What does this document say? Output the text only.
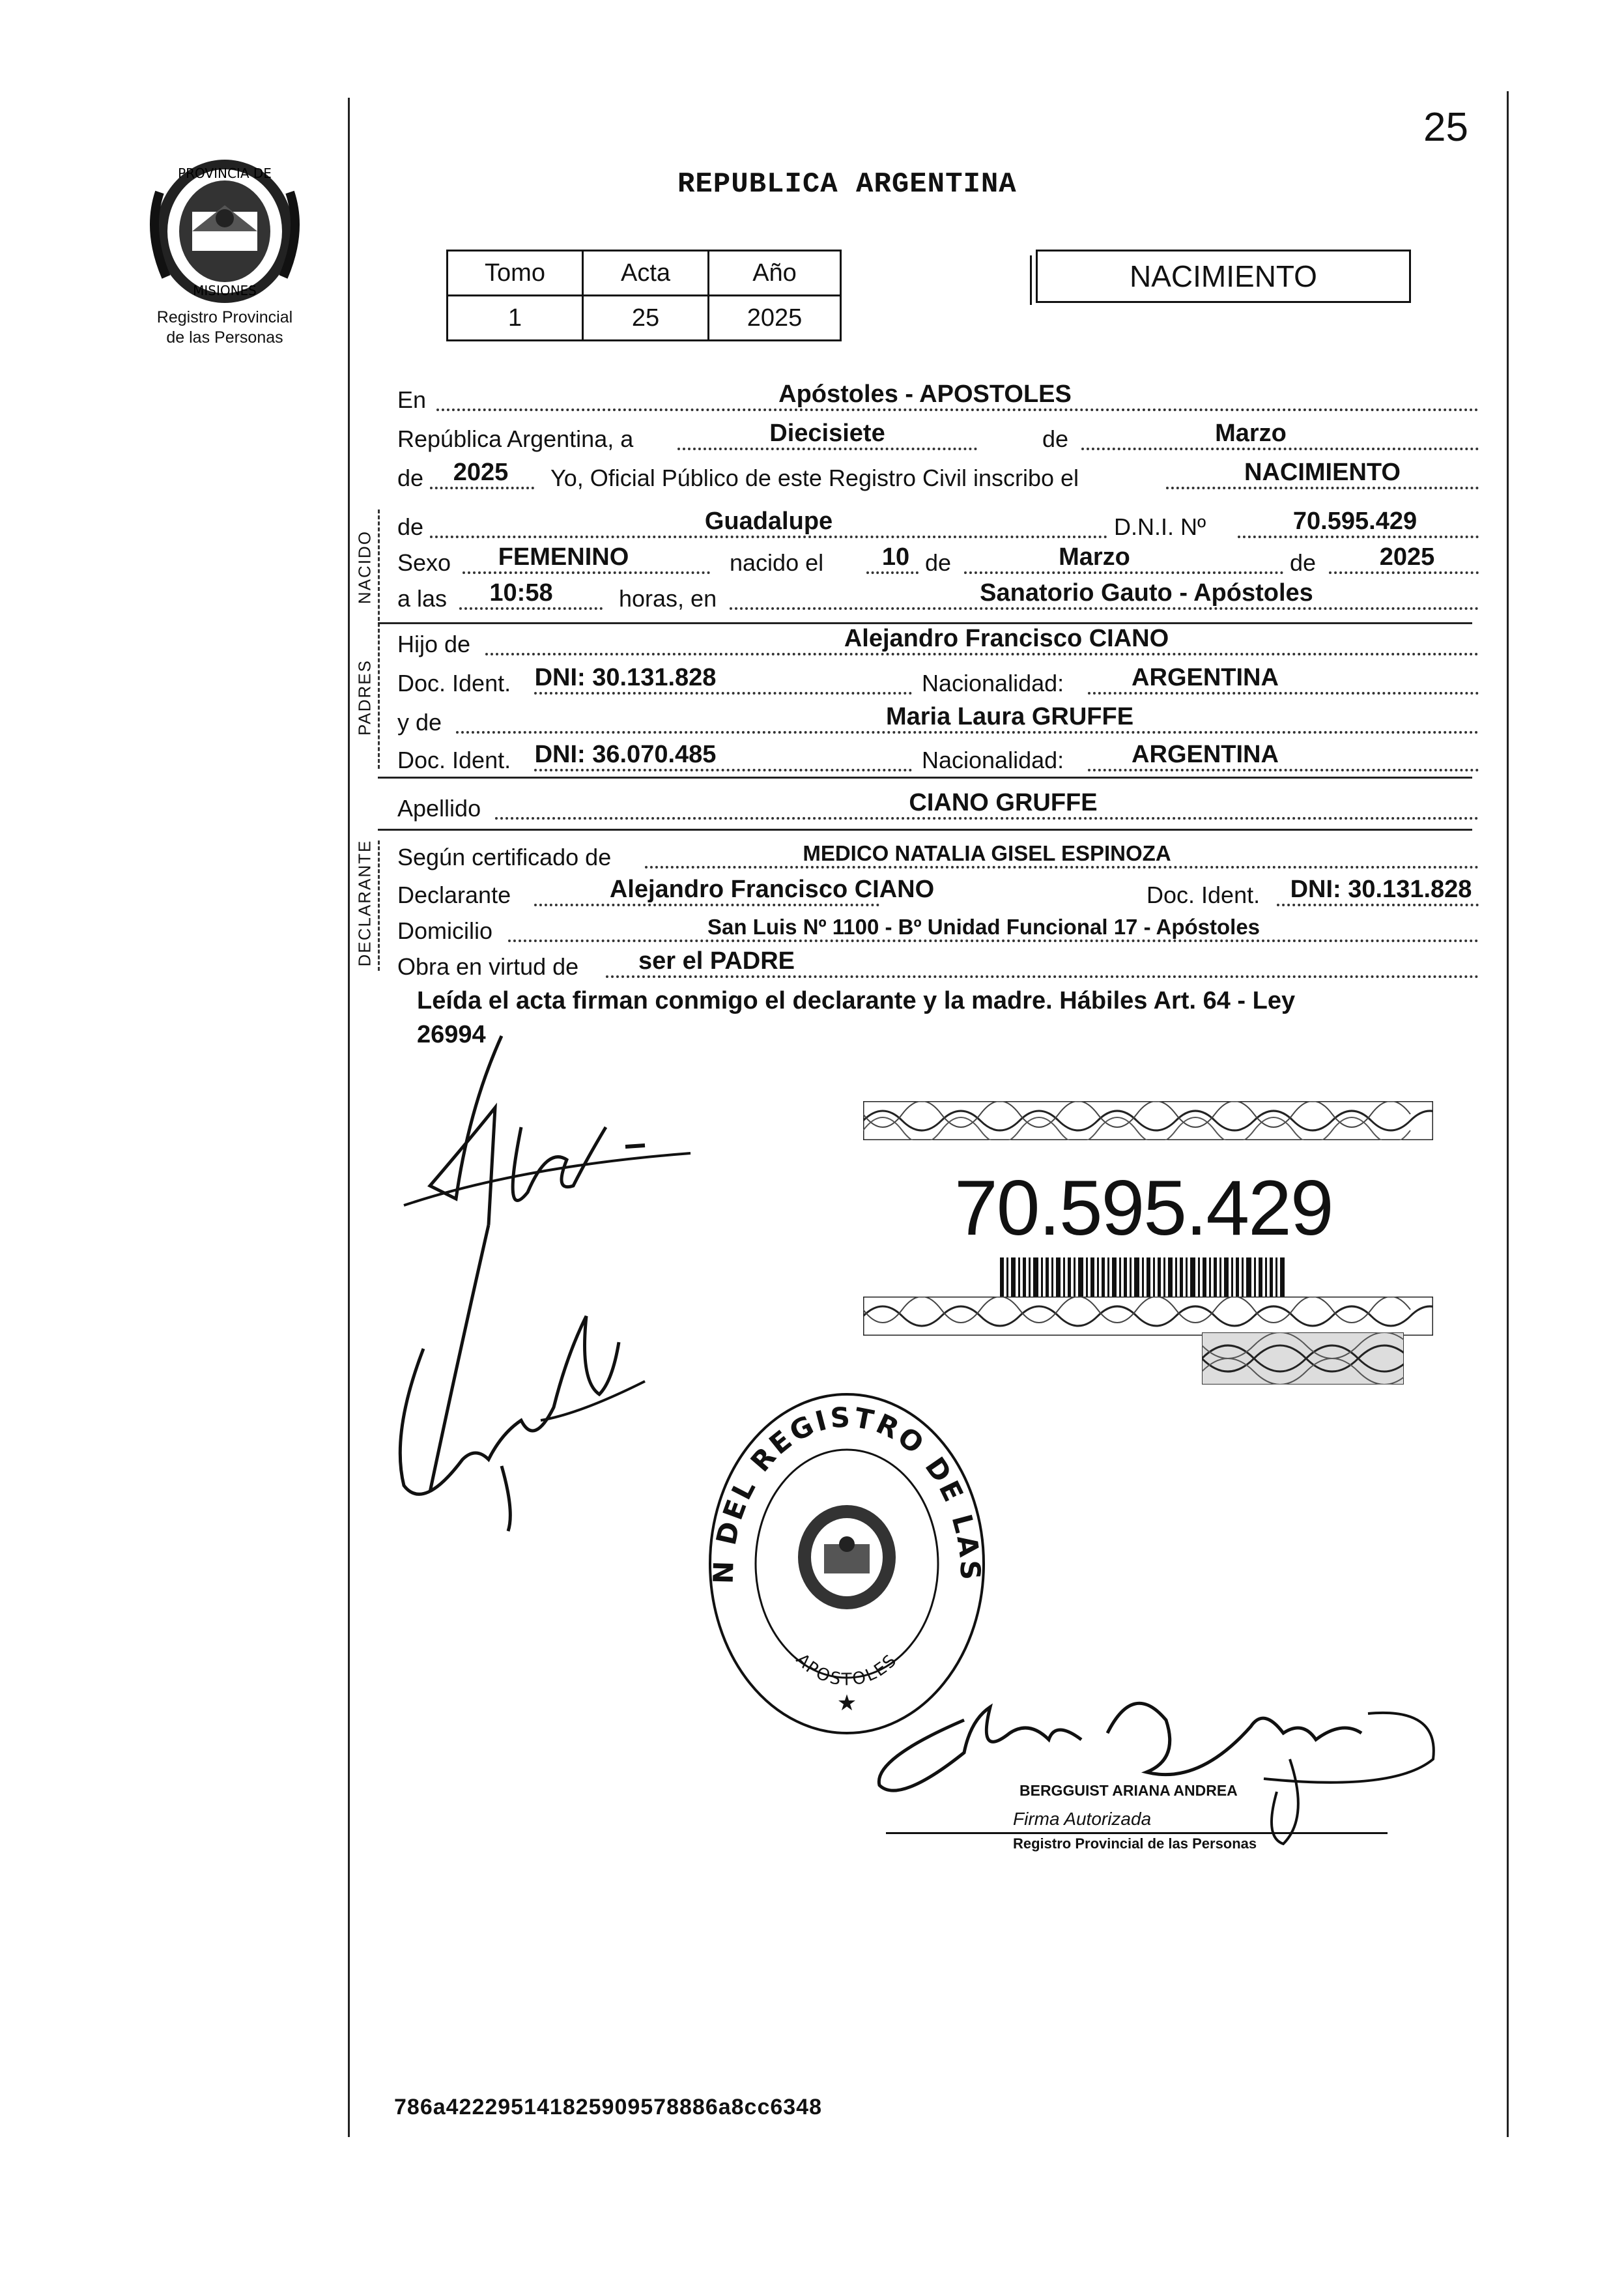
25
PROVINCIA DE
MISIONES
Registro Provincial
de las Personas
REPUBLICA ARGENTINA
Tomo	Acta	Año
1	25	2025
NACIMIENTO
En	Apóstoles - APOSTOLES
República Argentina, a	Diecisiete	de	Marzo
de 2025 Yo, Oficial Público de este Registro Civil inscribo el	NACIMIENTO
NACIDO
de	Guadalupe	D.N.I. Nº	70.595.429
Sexo FEMENINO	nacido el 10 de	Marzo	de	2025
a las 10:58	horas, en	Sanatorio Gauto - Apóstoles
PADRES
Hijo de	Alejandro Francisco CIANO
Doc. Ident. DNI: 30.131.828	Nacionalidad:	ARGENTINA
y de	Maria Laura GRUFFE
Doc. Ident. DNI: 36.070.485	Nacionalidad:	ARGENTINA
Apellido	CIANO GRUFFE
DECLARANTE Según certificado de	MEDICO NATALIA GISEL ESPINOZA
Declarante	Alejandro Francisco CIANO	Doc. Ident. DNI: 30.131.828
Domicilio	San Luis Nº 1100 - Bº Unidad Funcional 17 - Apóstoles
Obra en virtud de ser el PADRE
Leída el acta firman conmigo el declarante y la madre. Hábiles Art. 64 - Ley
26994
70.595.429
N DEL REGISTRO DE LAS
APOSTOLES
★
BERGGUIST ARIANA ANDREA
Firma Autorizada
Registro Provincial de las Personas
786a422295141825909578886a8cc6348
